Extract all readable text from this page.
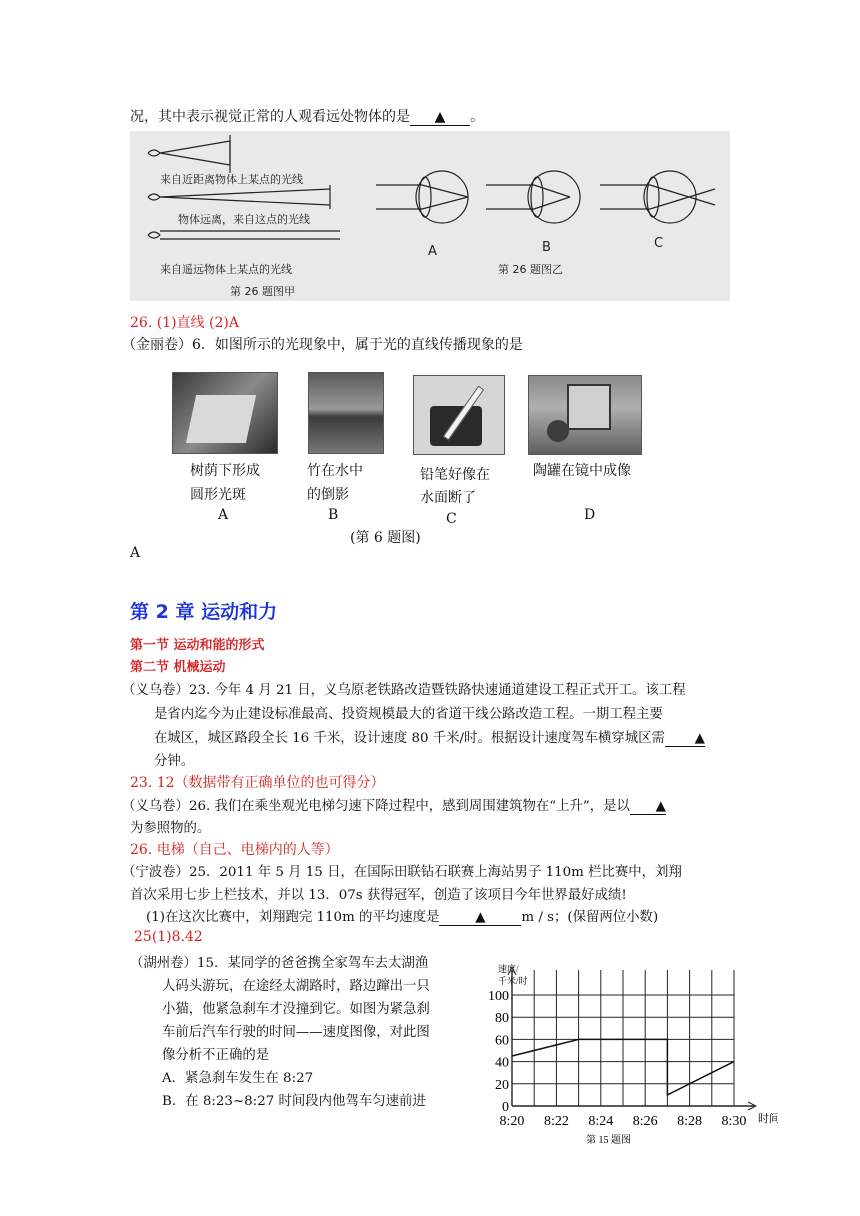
况，其中表示视觉正常的人观看远处物体的是 ▲ 。
来自近距离物体上某点的光线
物体远离，来自这点的光线
来自遥远物体上某点的光线
第 26 题图甲
A	B	C
第 26 题图乙
26. (1)直线 (2)A
（金丽卷）6．如图所示的光现象中，属于光的直线传播现象的是
树荫下形成
圆形光斑
A
竹在水中
的倒影
B
铅笔好像在
水面断了
C
陶罐在镜中成像
D
(第 6 题图)
A
第 2 章 运动和力
第一节 运动和能的形式
第二节 机械运动
（义乌卷）23. 今年 4 月 21 日，义乌原老铁路改造暨铁路快速通道建设工程正式开工。该工程
是省内迄今为止建设标准最高、投资规模最大的省道干线公路改造工程。一期工程主要
在城区，城区路段全长 16 千米，设计速度 80 千米/时。根据设计速度驾车横穿城区需 ▲
分钟。
23. 12（数据带有正确单位的也可得分）
（义乌卷）26. 我们在乘坐观光电梯匀速下降过程中，感到周围建筑物在“上升”，是以 ▲
为参照物的。
26. 电梯（自己、电梯内的人等）
（宁波卷）25．2011 年 5 月 15 日，在国际田联钻石联赛上海站男子 110m 栏比赛中，刘翔
首次采用七步上栏技术，并以 13．07s 获得冠军，创造了该项目今年世界最好成绩!
(1)在这次比赛中，刘翔跑完 110m 的平均速度是	▲	m / s；(保留两位小数)
25(1)8.42
（湖州卷）15．某同学的爸爸携全家驾车去太湖渔
人码头游玩，在途经太湖路时，路边蹿出一只
小猫，他紧急刹车才没撞到它。如图为紧急刹
车前后汽车行驶的时间——速度图像，对此图
像分析不正确的是
A．紧急刹车发生在 8:27
B．在 8:23~8:27 时间段内他驾车匀速前进
速度/
千米/时
0
20
40
60
80
100
8:20 8:22 8:24 8:26 8:28 8:30 时间
第 15 题图
